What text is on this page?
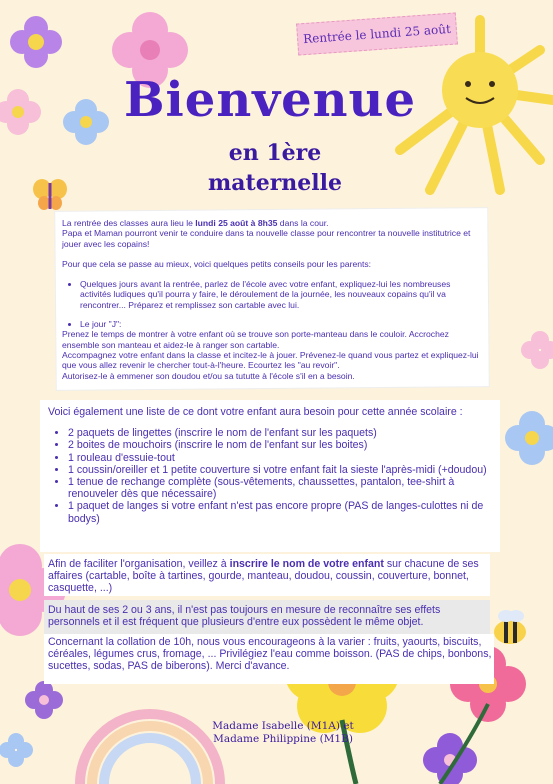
Rentrée le lundi 25 août
Bienvenue
en 1ère
maternelle

La rentrée des classes aura lieu le lundi 25 août à 8h35 dans la cour.

Papa et Maman pourront venir te conduire dans ta nouvelle classe pour rencontrer ta nouvelle institutrice et jouer avec les copains!

Pour que cela se passe au mieux, voici quelques petits conseils pour les parents:

• Quelques jours avant la rentrée, parlez de l'école avec votre enfant, expliquez-lui les nombreuses activités ludiques qu'il pourra y faire, le déroulement de la journée, les nouveaux copains qu'il va rencontrer... Préparez et remplissez son cartable avec lui.
• Le jour "J":

Prenez le temps de montrer à votre enfant où se trouve son porte-manteau dans le couloir. Accrochez ensemble son manteau et aidez-le à ranger son cartable.

Accompagnez votre enfant dans la classe et incitez-le à jouer. Prévenez-le quand vous partez et expliquez-lui que vous allez revenir le chercher tout-à-l'heure. Ecourtez les "au revoir".

Autorisez-le à emmener son doudou et/ou sa tututte à l'école s'il en a besoin.

Voici également une liste de ce dont votre enfant aura besoin pour cette année scolaire :

• 2 paquets de lingettes (inscrire le nom de l'enfant sur les paquets)
• 2 boites de mouchoirs (inscrire le nom de l'enfant sur les boites)
• 1 rouleau d'essuie-tout
• 1 coussin/oreiller et 1 petite couverture si votre enfant fait la sieste l'après-midi (+doudou)
• 1 tenue de rechange complète (sous-vêtements, chaussettes, pantalon, tee-shirt à renouveler dès que nécessaire)
• 1 paquet de langes si votre enfant n'est pas encore propre (PAS de langes-culottes ni de bodys)

Afin de faciliter l'organisation, veillez à inscrire le nom de votre enfant sur chacune de ses affaires (cartable, boîte à tartines, gourde, manteau, doudou, coussin, couverture, bonnet, casquette, ...)

Du haut de ses 2 ou 3 ans, il n'est pas toujours en mesure de reconnaître ses effets personnels et il est fréquent que plusieurs d'entre eux possèdent le même objet.
Concernant la collation de 10h, nous vous encourageons à la varier : fruits, yaourts, biscuits, céréales, légumes crus, fromage, ... Privilégiez l'eau comme boisson. (PAS de chips, bonbons, sucettes, sodas, PAS de biberons). Merci d'avance.
Madame Isabelle (M1A) et
Madame Philippine (M1B)
